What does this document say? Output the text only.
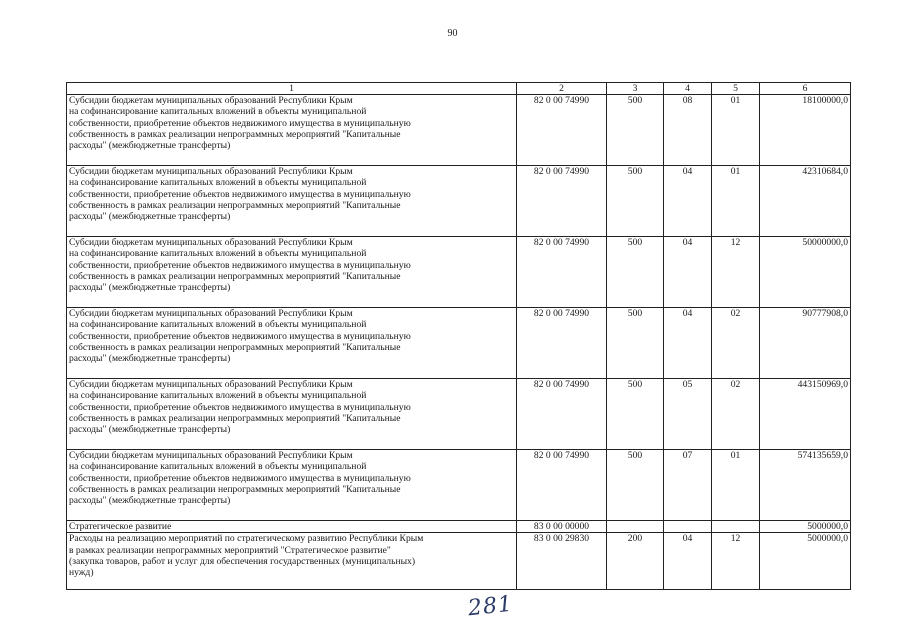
90
1	2	3	4	5	6
Субсидии бюджетам муниципальных образований Республики Крым
на софинансирование капитальных вложений в объекты муниципальной
собственности, приобретение объектов недвижимого имущества в муниципальную
собственность в рамках реализации непрограммных мероприятий "Капитальные
расходы" (межбюджетные трансферты)	82 0 00 74990	500	08	01	18100000,0
Субсидии бюджетам муниципальных образований Республики Крым
на софинансирование капитальных вложений в объекты муниципальной
собственности, приобретение объектов недвижимого имущества в муниципальную
собственность в рамках реализации непрограммных мероприятий "Капитальные
расходы" (межбюджетные трансферты)	82 0 00 74990	500	04	01	42310684,0
Субсидии бюджетам муниципальных образований Республики Крым
на софинансирование капитальных вложений в объекты муниципальной
собственности, приобретение объектов недвижимого имущества в муниципальную
собственность в рамках реализации непрограммных мероприятий "Капитальные
расходы" (межбюджетные трансферты)	82 0 00 74990	500	04	12	50000000,0
Субсидии бюджетам муниципальных образований Республики Крым
на софинансирование капитальных вложений в объекты муниципальной
собственности, приобретение объектов недвижимого имущества в муниципальную
собственность в рамках реализации непрограммных мероприятий "Капитальные
расходы" (межбюджетные трансферты)	82 0 00 74990	500	04	02	90777908,0
Субсидии бюджетам муниципальных образований Республики Крым
на софинансирование капитальных вложений в объекты муниципальной
собственности, приобретение объектов недвижимого имущества в муниципальную
собственность в рамках реализации непрограммных мероприятий "Капитальные
расходы" (межбюджетные трансферты)	82 0 00 74990	500	05	02	443150969,0
Субсидии бюджетам муниципальных образований Республики Крым
на софинансирование капитальных вложений в объекты муниципальной
собственности, приобретение объектов недвижимого имущества в муниципальную
собственность в рамках реализации непрограммных мероприятий "Капитальные
расходы" (межбюджетные трансферты)	82 0 00 74990	500	07	01	574135659,0
Стратегическое развитие	83 0 00 00000				5000000,0
Расходы на реализацию мероприятий по стратегическому развитию Республики Крым
в рамках реализации непрограммных мероприятий "Стратегическое развитие"
(закупка товаров, работ и услуг для обеспечения государственных (муниципальных)
нужд)	83 0 00 29830	200	04	12	5000000,0
281
